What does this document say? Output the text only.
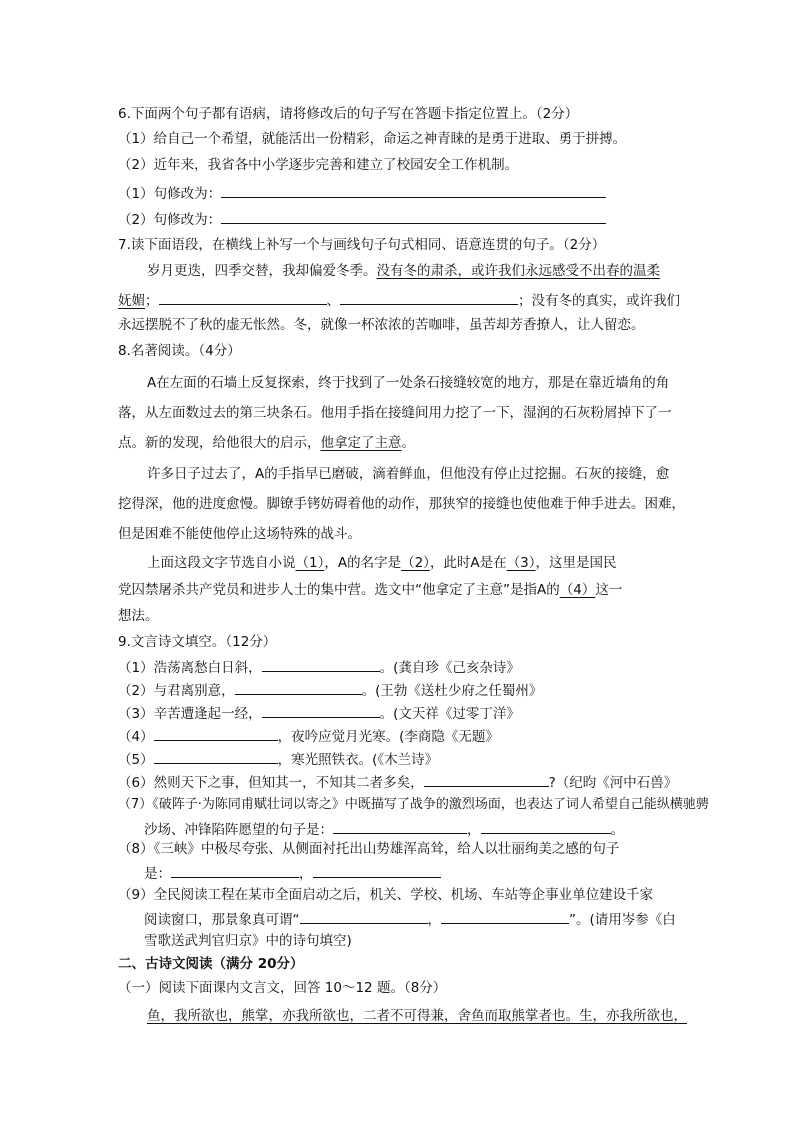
6.下面两个句子都有语病，请将修改后的句子写在答题卡指定位置上。（2分）
（1）给自己一个希望，就能活出一份精彩，命运之神青睐的是勇于进取、勇于拼搏。
（2）近年来，我省各中小学逐步完善和建立了校园安全工作机制。
（1）句修改为：
（2）句修改为：
7.读下面语段，在横线上补写一个与画线句子句式相同、语意连贯的句子。（2分）
岁月更迭，四季交替，我却偏爱冬季。没有冬的肃杀，或许我们永远感受不出春的温柔
妩媚；	、	；没有冬的真实，或许我们
永远摆脱不了秋的虚无怅然。冬，就像一杯浓浓的苦咖啡，虽苦却芳香撩人，让人留恋。
8.名著阅读。（4分）
A在左面的石墙上反复探索，终于找到了一处条石接缝较宽的地方，那是在靠近墙角的角
落，从左面数过去的第三块条石。他用手指在接缝间用力挖了一下，湿润的石灰粉屑掉下了一
点。新的发现，给他很大的启示，他拿定了主意。
许多日子过去了，A的手指早已磨破，滴着鲜血，但他没有停止过挖掘。石灰的接缝，愈
挖得深，他的进度愈慢。脚镣手铐妨碍着他的动作，那狭窄的接缝也使他难于伸手进去。困难，
但是困难不能使他停止这场特殊的战斗。
上面这段文字节选自小说（1），A的名字是（2），此时A是在（3），这里是国民
党囚禁屠杀共产党员和进步人士的集中营。选文中“他拿定了主意”是指A的（4）这一
想法。
9.文言诗文填空。（12分）
（1）浩荡离愁白日斜，	。(龚自珍《己亥杂诗》
（2）与君离别意，	。(王勃《送杜少府之任蜀州》
（3）辛苦遭逢起一经，	。(文天祥《过零丁洋》
（4）	，夜吟应觉月光寒。(李商隐《无题》
（5）	，寒光照铁衣。(《木兰诗》
（6）然则天下之事，但知其一，不知其二者多矣，	?（纪昀《河中石兽》
（7）《破阵子·为陈同甫赋壮词以寄之》中既描写了战争的激烈场面，也表达了词人希望自己能纵横驰骋
沙场、冲锋陷阵愿望的句子是：	，	。
（8）《三峡》中极尽夸张、从侧面衬托出山势雄浑高耸，给人以壮丽绚美之感的句子
是：	，
（9）全民阅读工程在某市全面启动之后，机关、学校、机场、车站等企事业单位建设千家
阅读窗口，那景象真可谓“	，	”。(请用岑参《白
雪歌送武判官归京》中的诗句填空)
二、古诗文阅读（满分 20分）
（一）阅读下面课内文言文，回答 10～12 题。（8分）
鱼，我所欲也，熊掌，亦我所欲也，二者不可得兼，舍鱼而取熊掌者也。生，亦我所欲也，
